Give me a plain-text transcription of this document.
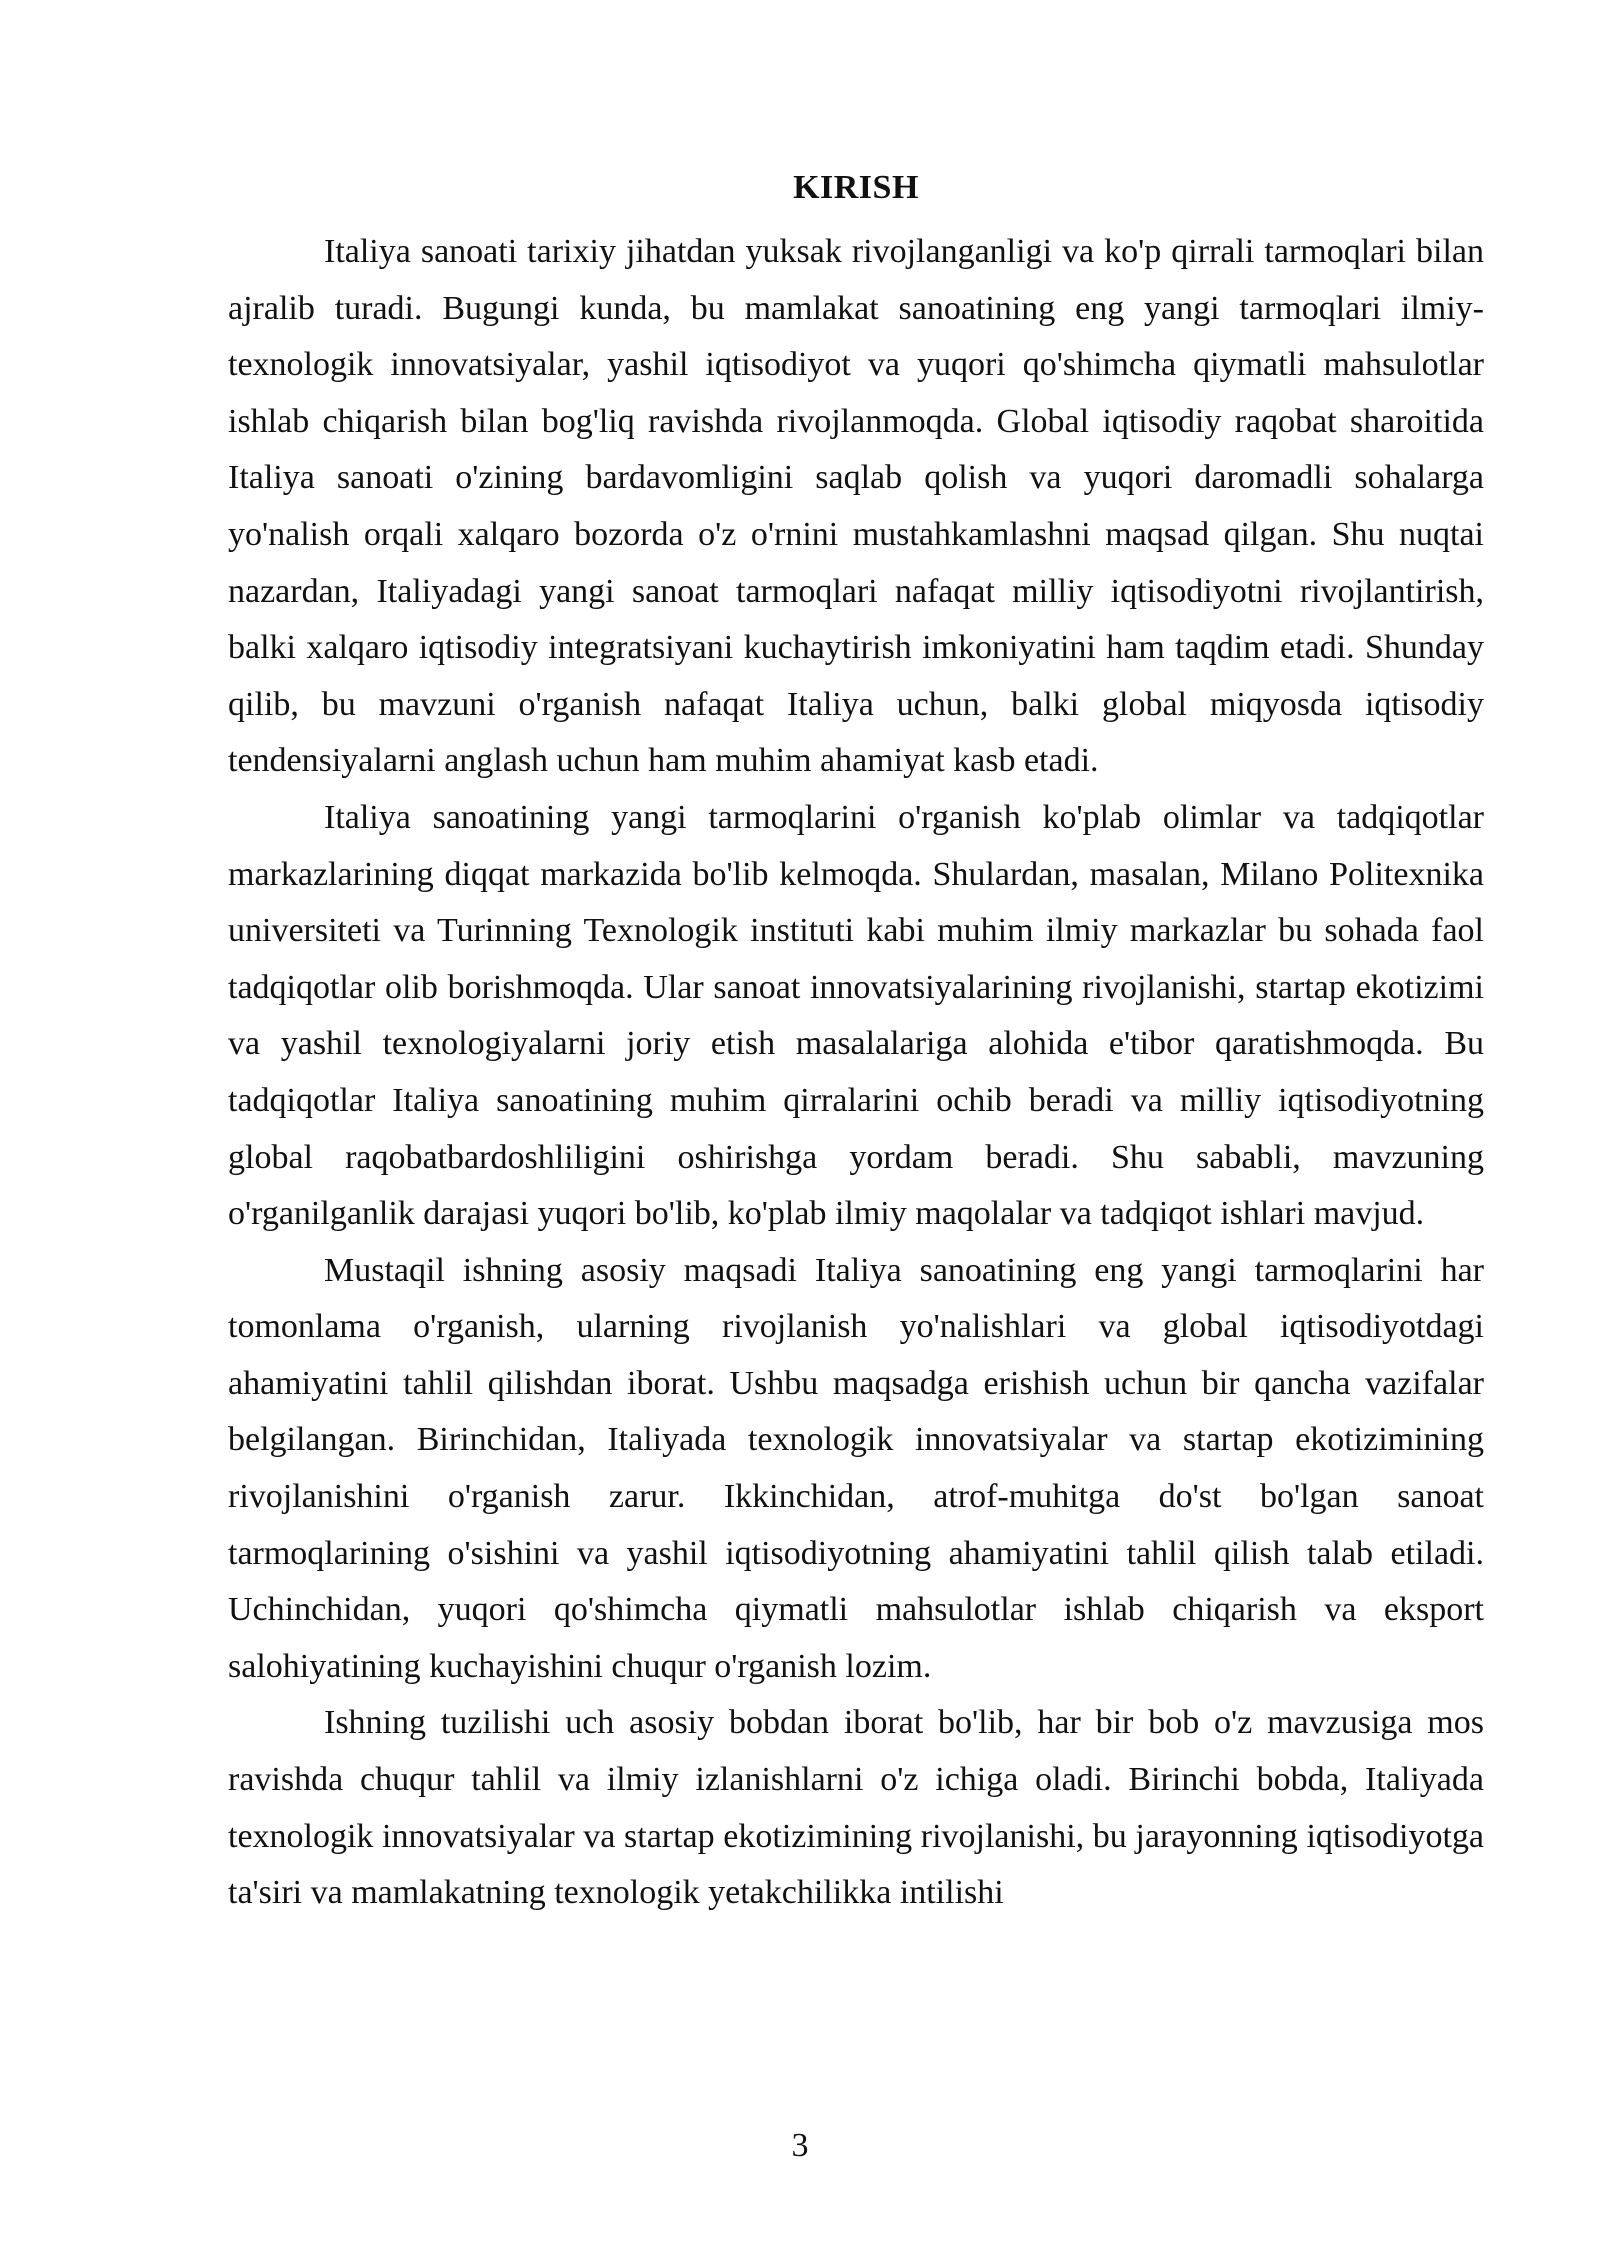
KIRISH

Italiya sanoati tarixiy jihatdan yuksak rivojlanganligi va ko'p qirrali tarmoqlari bilan ajralib turadi. Bugungi kunda, bu mamlakat sanoatining eng yangi tarmoqlari ilmiy-texnologik innovatsiyalar, yashil iqtisodiyot va yuqori qo'shimcha qiymatli mahsulotlar ishlab chiqarish bilan bog'liq ravishda rivojlanmoqda. Global iqtisodiy raqobat sharoitida Italiya sanoati o'zining bardavomligini saqlab qolish va yuqori daromadli sohalarga yo'nalish orqali xalqaro bozorda o'z o'rnini mustahkamlashni maqsad qilgan. Shu nuqtai nazardan, Italiyadagi yangi sanoat tarmoqlari nafaqat milliy iqtisodiyotni rivojlantirish, balki xalqaro iqtisodiy integratsiyani kuchaytirish imkoniyatini ham taqdim etadi. Shunday qilib, bu mavzuni o'rganish nafaqat Italiya uchun, balki global miqyosda iqtisodiy tendensiyalarni anglash uchun ham muhim ahamiyat kasb etadi.

Italiya sanoatining yangi tarmoqlarini o'rganish ko'plab olimlar va tadqiqotlar markazlarining diqqat markazida bo'lib kelmoqda. Shulardan, masalan, Milano Politexnika universiteti va Turinning Texnologik instituti kabi muhim ilmiy markazlar bu sohada faol tadqiqotlar olib borishmoqda. Ular sanoat innovatsiyalarining rivojlanishi, startap ekotizimi va yashil texnologiyalarni joriy etish masalalariga alohida e'tibor qaratishmoqda. Bu tadqiqotlar Italiya sanoatining muhim qirralarini ochib beradi va milliy iqtisodiyotning global raqobatbardoshliligini oshirishga yordam beradi. Shu sababli, mavzuning o'rganilganlik darajasi yuqori bo'lib, ko'plab ilmiy maqolalar va tadqiqot ishlari mavjud.

Mustaqil ishning asosiy maqsadi Italiya sanoatining eng yangi tarmoqlarini har tomonlama o'rganish, ularning rivojlanish yo'nalishlari va global iqtisodiyotdagi ahamiyatini tahlil qilishdan iborat. Ushbu maqsadga erishish uchun bir qancha vazifalar belgilangan. Birinchidan, Italiyada texnologik innovatsiyalar va startap ekotizimining rivojlanishini o'rganish zarur. Ikkinchidan, atrof-muhitga do'st bo'lgan sanoat tarmoqlarining o'sishini va yashil iqtisodiyotning ahamiyatini tahlil qilish talab etiladi. Uchinchidan, yuqori qo'shimcha qiymatli mahsulotlar ishlab chiqarish va eksport salohiyatining kuchayishini chuqur o'rganish lozim.

Ishning tuzilishi uch asosiy bobdan iborat bo'lib, har bir bob o'z mavzusiga mos ravishda chuqur tahlil va ilmiy izlanishlarni o'z ichiga oladi. Birinchi bobda, Italiyada texnologik innovatsiyalar va startap ekotizimining rivojlanishi, bu jarayonning iqtisodiyotga ta'siri va mamlakatning texnologik yetakchilikka intilishi

3
